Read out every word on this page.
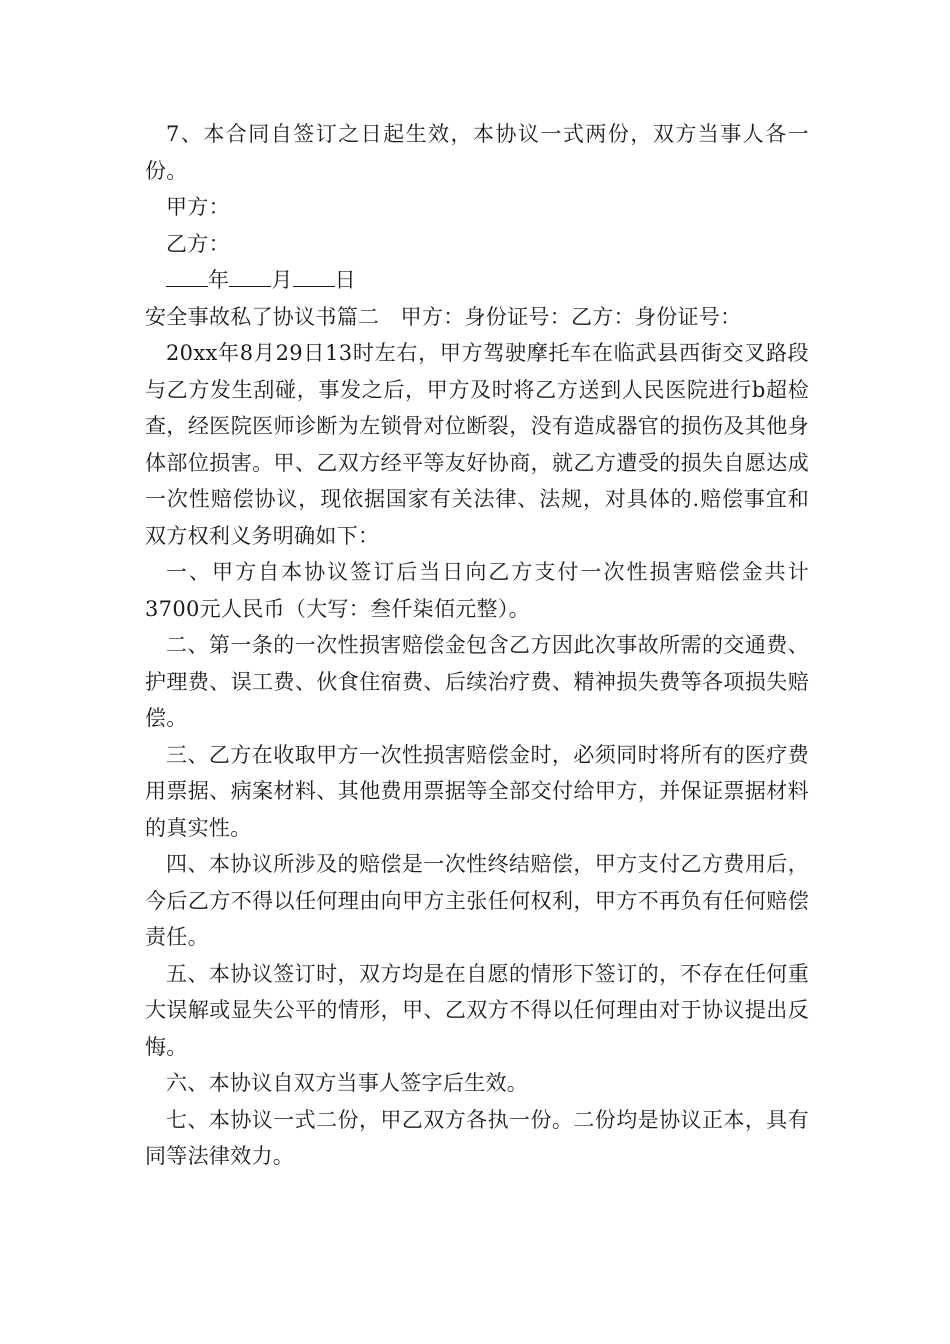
7、本合同自签订之日起生效，本协议一式两份，双方当事人各一份。

甲方：

乙方：

年 月 日

安全事故私了协议书篇二　甲方：身份证号：乙方：身份证号：

20xx年8月29日13时左右，甲方驾驶摩托车在临武县西街交叉路段与乙方发生刮碰，事发之后，甲方及时将乙方送到人民医院进行b超检查，经医院医师诊断为左锁骨对位断裂，没有造成器官的损伤及其他身体部位损害。甲、乙双方经平等友好协商，就乙方遭受的损失自愿达成一次性赔偿协议，现依据国家有关法律、法规，对具体的.赔偿事宜和双方权利义务明确如下：

一、甲方自本协议签订后当日向乙方支付一次性损害赔偿金共计3700元人民币（大写：叁仟柒佰元整）。

二、第一条的一次性损害赔偿金包含乙方因此次事故所需的交通费、护理费、误工费、伙食住宿费、后续治疗费、精神损失费等各项损失赔偿。

三、乙方在收取甲方一次性损害赔偿金时，必须同时将所有的医疗费用票据、病案材料、其他费用票据等全部交付给甲方，并保证票据材料的真实性。

四、本协议所涉及的赔偿是一次性终结赔偿，甲方支付乙方费用后，今后乙方不得以任何理由向甲方主张任何权利，甲方不再负有任何赔偿责任。

五、本协议签订时，双方均是在自愿的情形下签订的，不存在任何重大误解或显失公平的情形，甲、乙双方不得以任何理由对于协议提出反悔。

六、本协议自双方当事人签字后生效。

七、本协议一式二份，甲乙双方各执一份。二份均是协议正本，具有同等法律效力。
